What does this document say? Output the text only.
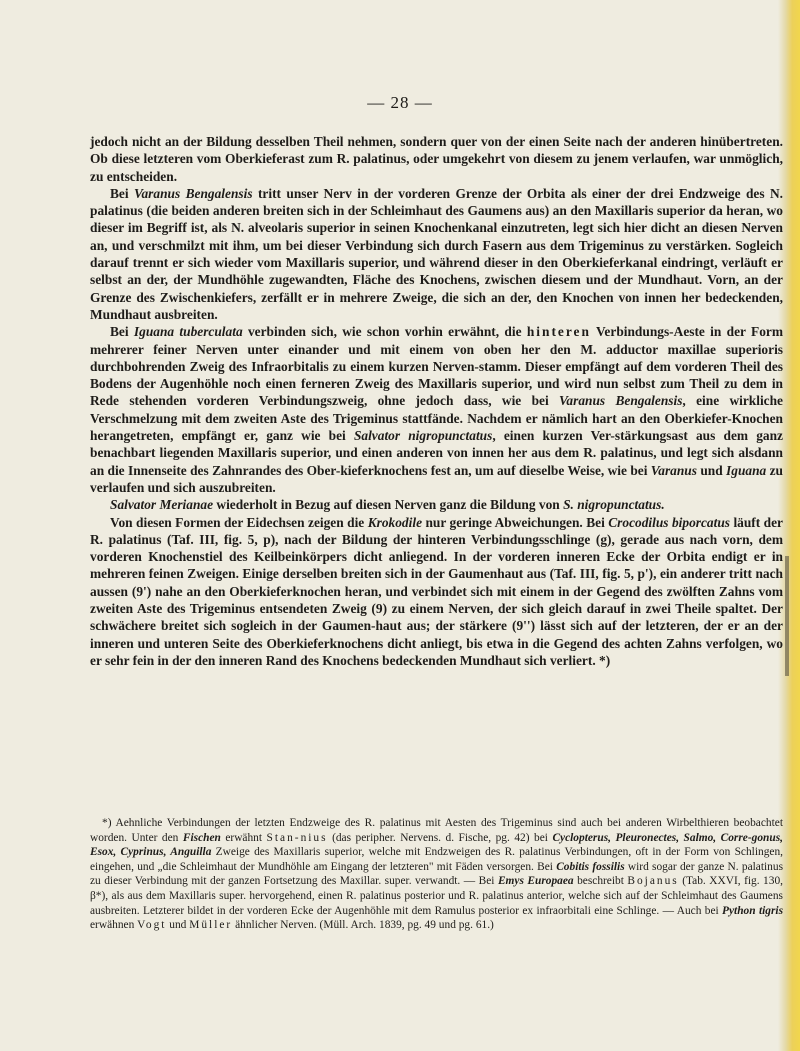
— 28 —

jedoch nicht an der Bildung desselben Theil nehmen, sondern quer von der einen Seite nach der anderen hinübertreten. Ob diese letzteren vom Oberkieferast zum R. palatinus, oder umgekehrt von diesem zu jenem verlaufen, war unmöglich, zu entscheiden.

Bei Varanus Bengalensis tritt unser Nerv in der vorderen Grenze der Orbita als einer der drei Endzweige des N. palatinus (die beiden anderen breiten sich in der Schleimhaut des Gaumens aus) an den Maxillaris superior da heran, wo dieser im Begriff ist, als N. alveolaris superior in seinen Knochenkanal einzutreten, legt sich hier dicht an diesen Nerven an, und verschmilzt mit ihm, um bei dieser Verbindung sich durch Fasern aus dem Trigeminus zu verstärken. Sogleich darauf trennt er sich wieder vom Maxillaris superior, und während dieser in den Oberkieferkanal eindringt, verläuft er selbst an der, der Mundhöhle zugewandten, Fläche des Knochens, zwischen diesem und der Mundhaut. Vorn, an der Grenze des Zwischenkiefers, zerfällt er in mehrere Zweige, die sich an der, den Knochen von innen her bedeckenden, Mundhaut ausbreiten.

Bei Iguana tuberculata verbinden sich, wie schon vorhin erwähnt, die hinteren Verbindungs-Aeste in der Form mehrerer feiner Nerven unter einander und mit einem von oben her den M. adductor maxillae superioris durchbohrenden Zweig des Infraorbitalis zu einem kurzen Nerven-stamm. Dieser empfängt auf dem vorderen Theil des Bodens der Augenhöhle noch einen ferneren Zweig des Maxillaris superior, und wird nun selbst zum Theil zu dem in Rede stehenden vorderen Verbindungszweig, ohne jedoch dass, wie bei Varanus Bengalensis, eine wirkliche Verschmelzung mit dem zweiten Aste des Trigeminus stattfände. Nachdem er nämlich hart an den Oberkiefer-Knochen herangetreten, empfängt er, ganz wie bei Salvator nigropunctatus, einen kurzen Ver-stärkungsast aus dem ganz benachbart liegenden Maxillaris superior, und einen anderen von innen her aus dem R. palatinus, und legt sich alsdann an die Innenseite des Zahnrandes des Ober-kieferknochens fest an, um auf dieselbe Weise, wie bei Varanus und Iguana zu verlaufen und sich auszubreiten.

Salvator Merianae wiederholt in Bezug auf diesen Nerven ganz die Bildung von S. nigropunctatus.

Von diesen Formen der Eidechsen zeigen die Krokodile nur geringe Abweichungen. Bei Crocodilus biporcatus läuft der R. palatinus (Taf. III, fig. 5, p), nach der Bildung der hinteren Verbindungsschlinge (g), gerade aus nach vorn, dem vorderen Knochenstiel des Keilbeinkörpers dicht anliegend. In der vorderen inneren Ecke der Orbita endigt er in mehreren feinen Zweigen. Einige derselben breiten sich in der Gaumenhaut aus (Taf. III, fig. 5, p'), ein anderer tritt nach aussen (9') nahe an den Oberkieferknochen heran, und verbindet sich mit einem in der Gegend des zwölften Zahns vom zweiten Aste des Trigeminus entsendeten Zweig (9) zu einem Nerven, der sich gleich darauf in zwei Theile spaltet. Der schwächere breitet sich sogleich in der Gaumen-haut aus; der stärkere (9'') lässt sich auf der letzteren, der er an der inneren und unteren Seite des Oberkieferknochens dicht anliegt, bis etwa in die Gegend des achten Zahns verfolgen, wo er sehr fein in der den inneren Rand des Knochens bedeckenden Mundhaut sich verliert. *)

*) Aehnliche Verbindungen der letzten Endzweige des R. palatinus mit Aesten des Trigeminus sind auch bei anderen Wirbelthieren beobachtet worden. Unter den Fischen erwähnt Stan-nius (das peripher. Nervens. d. Fische, pg. 42) bei Cyclopterus, Pleuronectes, Salmo, Corre-gonus, Esox, Cyprinus, Anguilla Zweige des Maxillaris superior, welche mit Endzweigen des R. palatinus Verbindungen, oft in der Form von Schlingen, eingehen, und „die Schleimhaut der Mundhöhle am Eingang der letzteren" mit Fäden versorgen. Bei Cobitis fossilis wird sogar der ganze N. palatinus zu dieser Verbindung mit der ganzen Fortsetzung des Maxillar. super. verwandt. — Bei Emys Europaea beschreibt Bojanus (Tab. XXVI, fig. 130, β*), als aus dem Maxillaris super. hervorgehend, einen R. palatinus posterior und R. palatinus anterior, welche sich auf der Schleimhaut des Gaumens ausbreiten. Letzterer bildet in der vorderen Ecke der Augenhöhle mit dem Ramulus posterior ex infraorbitali eine Schlinge. — Auch bei Python tigris erwähnen Vogt und Müller ähnlicher Nerven. (Müll. Arch. 1839, pg. 49 und pg. 61.)
